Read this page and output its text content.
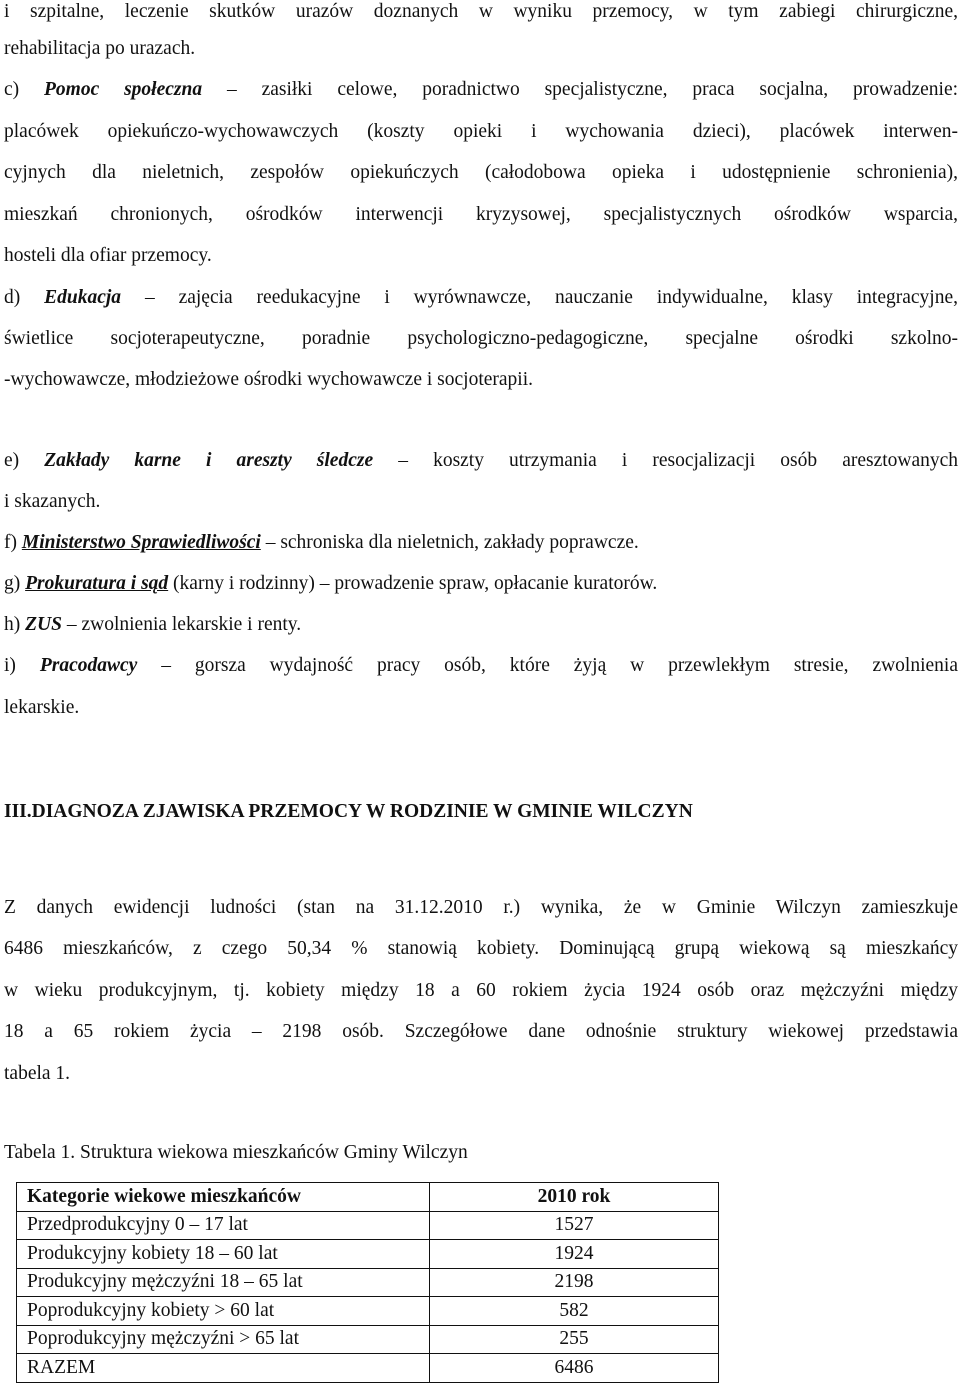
i szpitalne, leczenie skutków urazów doznanych w wyniku przemocy, w tym zabiegi chirurgiczne,
rehabilitacja po urazach.
c) Pomoc społeczna – zasiłki celowe, poradnictwo specjalistyczne, praca socjalna, prowadzenie:
placówek opiekuńczo-wychowawczych (koszty opieki i wychowania dzieci), placówek interwen-
cyjnych dla nieletnich, zespołów opiekuńczych (całodobowa opieka i udostępnienie schronienia),
mieszkań chronionych, ośrodków interwencji kryzysowej, specjalistycznych ośrodków wsparcia,
hosteli dla ofiar przemocy.
d) Edukacja – zajęcia reedukacyjne i wyrównawcze, nauczanie indywidualne, klasy integracyjne,
świetlice socjoterapeutyczne, poradnie psychologiczno-pedagogiczne, specjalne ośrodki szkolno-
-wychowawcze, młodzieżowe ośrodki wychowawcze i socjoterapii.
e) Zakłady karne i areszty śledcze – koszty utrzymania i resocjalizacji osób aresztowanych
i skazanych.
f) Ministerstwo Sprawiedliwości – schroniska dla nieletnich, zakłady poprawcze.
g) Prokuratura i sąd (karny i rodzinny) – prowadzenie spraw, opłacanie kuratorów.
h) ZUS – zwolnienia lekarskie i renty.
i) Pracodawcy – gorsza wydajność pracy osób, które żyją w przewlekłym stresie, zwolnienia
lekarskie.
III.DIAGNOZA ZJAWISKA PRZEMOCY W RODZINIE W GMINIE WILCZYN
Z danych ewidencji ludności (stan na 31.12.2010 r.) wynika, że w Gminie Wilczyn zamieszkuje
6486 mieszkańców, z czego 50,34 % stanowią kobiety. Dominującą grupą wiekową są mieszkańcy
w wieku produkcyjnym, tj. kobiety między 18 a 60 rokiem życia 1924 osób oraz mężczyźni między
18 a 65 rokiem życia – 2198 osób. Szczegółowe dane odnośnie struktury wiekowej przedstawia
tabela 1.
Tabela 1. Struktura wiekowa mieszkańców Gminy Wilczyn
Kategorie wiekowe mieszkańców	2010 rok
Przedprodukcyjny 0 – 17 lat	1527
Produkcyjny kobiety 18 – 60 lat	1924
Produkcyjny mężczyźni 18 – 65 lat	2198
Poprodukcyjny kobiety > 60 lat	582
Poprodukcyjny mężczyźni > 65 lat	255
RAZEM	6486
